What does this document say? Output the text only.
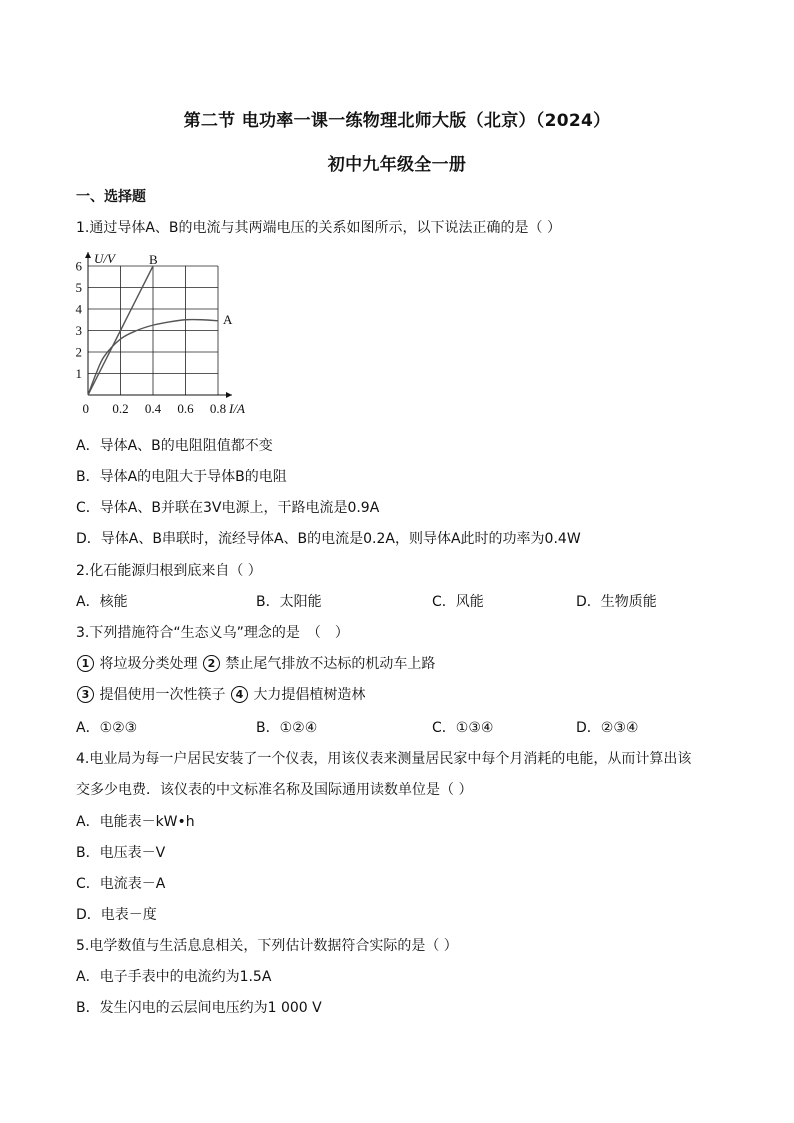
第二节 电功率一课一练物理北师大版（北京）（2024）
初中九年级全一册
一、选择题
1.通过导体A、B的电流与其两端电压的关系如图所示，以下说法正确的是（ ）
0 0.2 0.4 0.6 0.8
1
2
3
4
5
6	B
A
U/V
I/A
A．导体A、B的电阻阻值都不变
B．导体A的电阻大于导体B的电阻
C．导体A、B并联在3V电源上，干路电流是0.9A
D．导体A、B串联时，流经导体A、B的电流是0.2A，则导体A此时的功率为0.4W
2.化石能源归根到底来自（ ）
A．核能	B．太阳能	C．风能	D．生物质能
3.下列措施符合“生态义乌”理念的是　（　）
1 将垃圾分类处理 2 禁止尾气排放不达标的机动车上路
3 提倡使用一次性筷子 4 大力提倡植树造林
A．①②③	B．①②④	C．①③④	D．②③④
4.电业局为每一户居民安装了一个仪表，用该仪表来测量居民家中每个月消耗的电能，从而计算出该
交多少电费．该仪表的中文标准名称及国际通用读数单位是（ ）
A．电能表－kW•h
B．电压表－V
C．电流表－A
D．电表－度
5.电学数值与生活息息相关，下列估计数据符合实际的是（ ）
A．电子手表中的电流约为1.5A
B．发生闪电的云层间电压约为1 000 V
